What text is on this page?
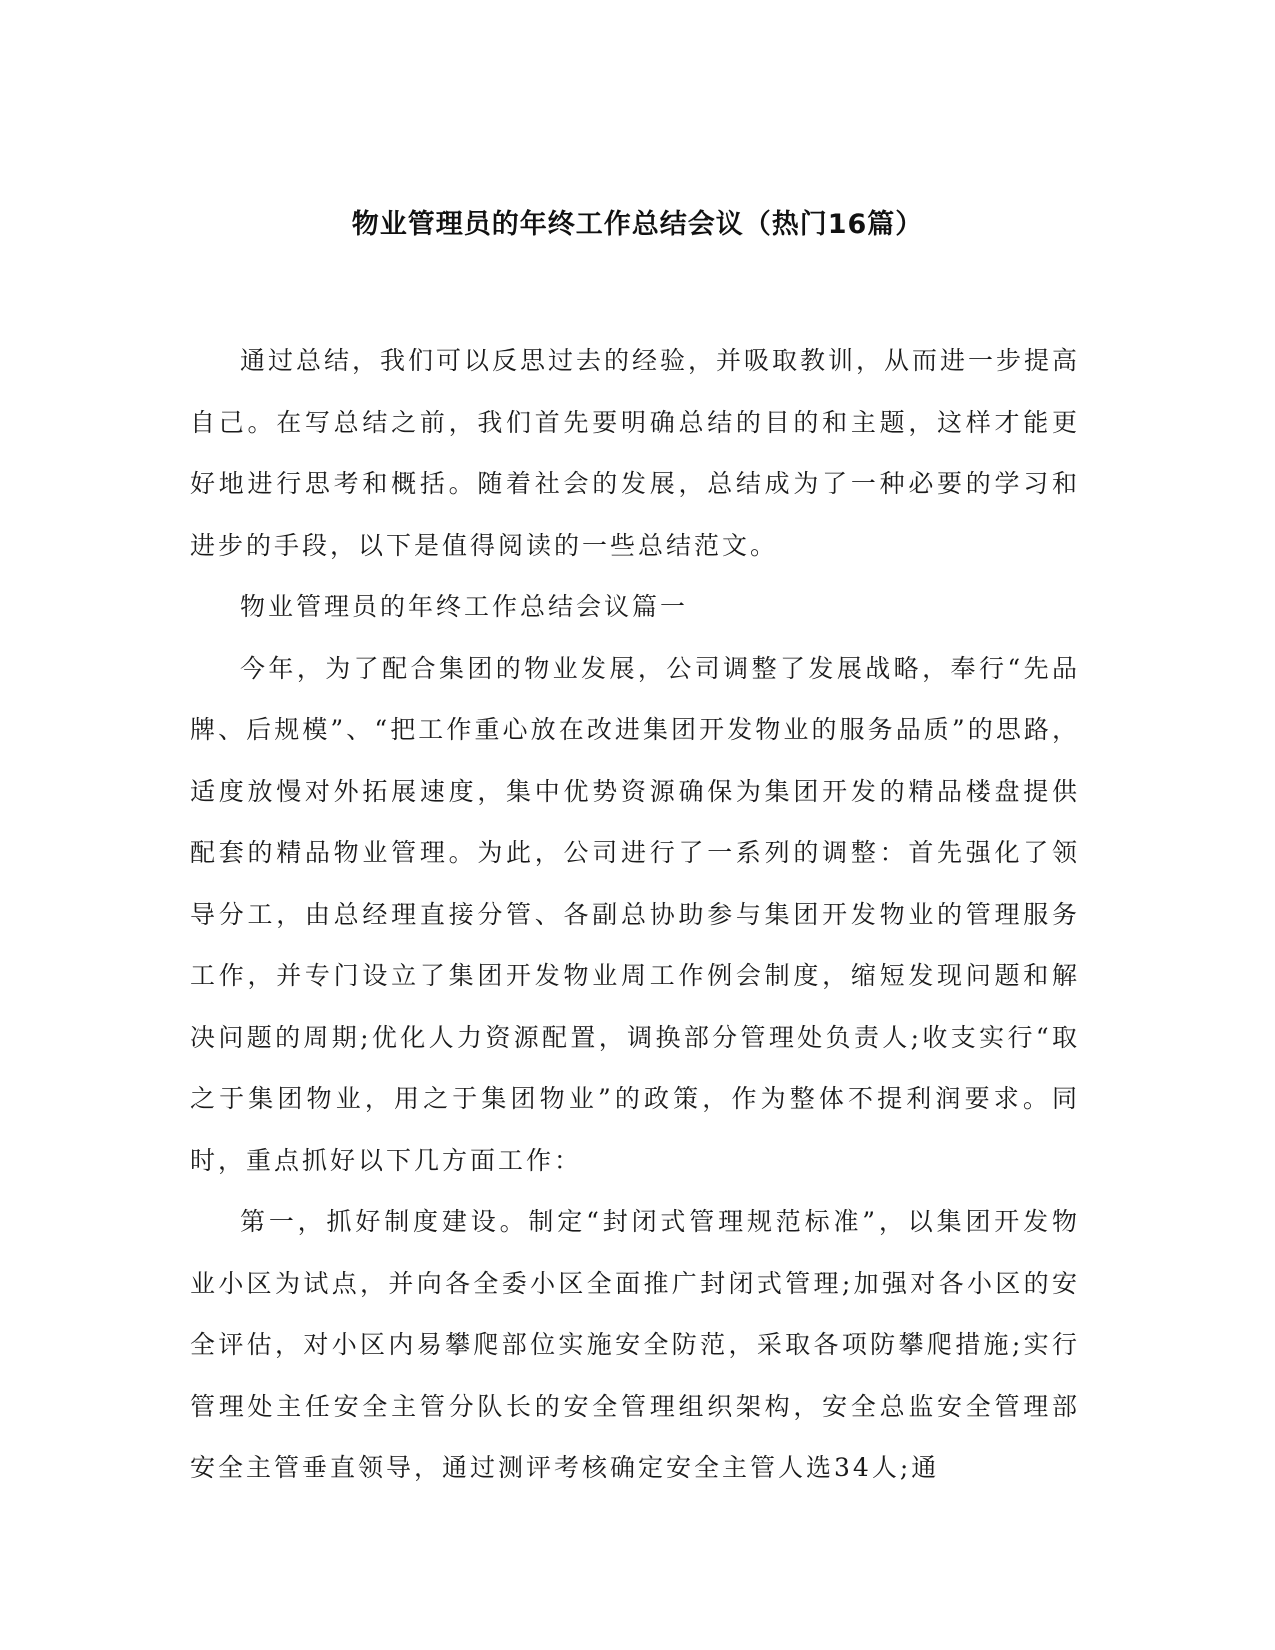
物业管理员的年终工作总结会议（热门16篇）

通过总结，我们可以反思过去的经验，并吸取教训，从而进一步提高自己。在写总结之前，我们首先要明确总结的目的和主题，这样才能更好地进行思考和概括。随着社会的发展，总结成为了一种必要的学习和进步的手段，以下是值得阅读的一些总结范文。

物业管理员的年终工作总结会议篇一

今年，为了配合集团的物业发展，公司调整了发展战略，奉行“先品牌、后规模”、“把工作重心放在改进集团开发物业的服务品质”的思路，适度放慢对外拓展速度，集中优势资源确保为集团开发的精品楼盘提供配套的精品物业管理。为此，公司进行了一系列的调整：首先强化了领导分工，由总经理直接分管、各副总协助参与集团开发物业的管理服务工作，并专门设立了集团开发物业周工作例会制度，缩短发现问题和解决问题的周期;优化人力资源配置，调换部分管理处负责人;收支实行“取之于集团物业，用之于集团物业”的政策，作为整体不提利润要求。同时，重点抓好以下几方面工作：

第一，抓好制度建设。制定“封闭式管理规范标准”，以集团开发物业小区为试点，并向各全委小区全面推广封闭式管理;加强对各小区的安全评估，对小区内易攀爬部位实施安全防范，采取各项防攀爬措施;实行管理处主任安全主管分队长的安全管理组织架构，安全总监安全管理部安全主管垂直领导，通过测评考核确定安全主管人选34人;通
